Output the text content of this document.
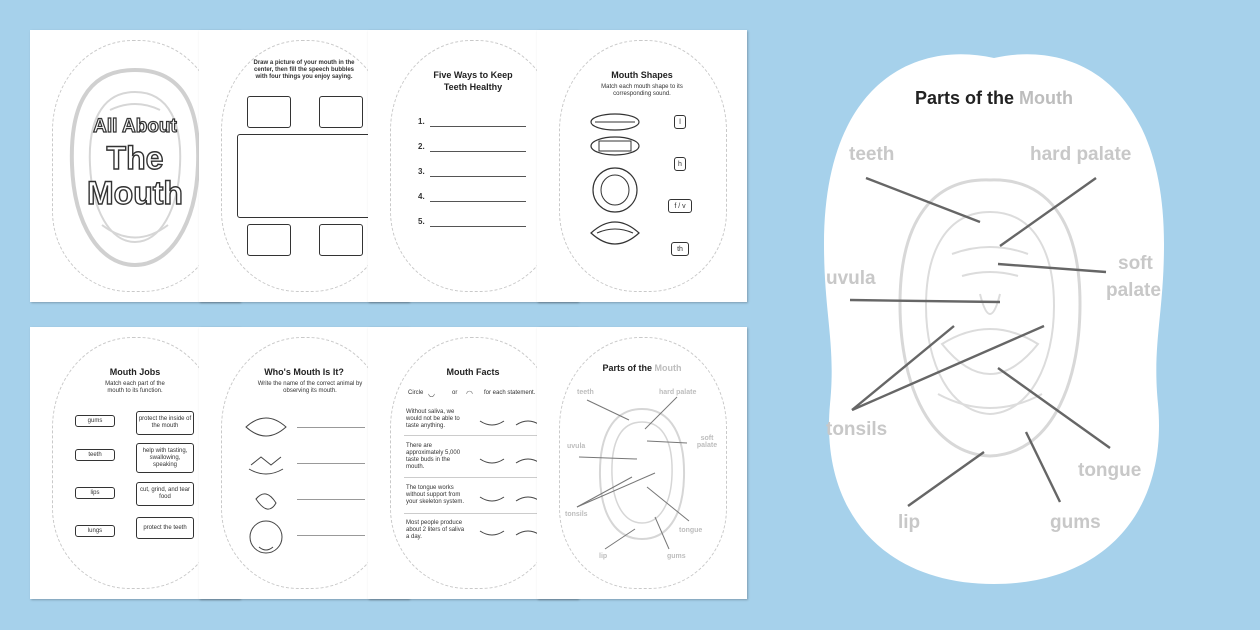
All About
The
Mouth
Draw a picture of your mouth in the center, then fill the speech bubbles with four things you enjoy saying.	Five Ways to Keep
Teeth Healthy
1.
2.
3.
4.
5.
Mouth Shapes
Match each mouth shape to its corresponding sound.
l
h
f / v
th
Mouth Jobs
Match each part of the mouth to its function.
gums
teeth
lips
lungs
protect the inside of the mouth
help with tasting, swallowing, speaking
cut, grind, and tear food
protect the teeth
Who's Mouth Is It?
Write the name of the correct animal by observing its mouth.
Mouth Facts
Circle ◡	or ◠ for each statement.
Without saliva, we would not be able to taste anything.
There are approximately 5,000 taste buds in the mouth.
The tongue works without support from your skeleton system.
Most people produce about 2 liters of saliva a day.
Parts of the Mouth
teeth	hard palate
soft palate
uvula
tonsils
tongue
lip	gums
Parts of the Mouth
teeth	hard palate
soft
palate
uvula
tonsils
tongue
lip	gums
